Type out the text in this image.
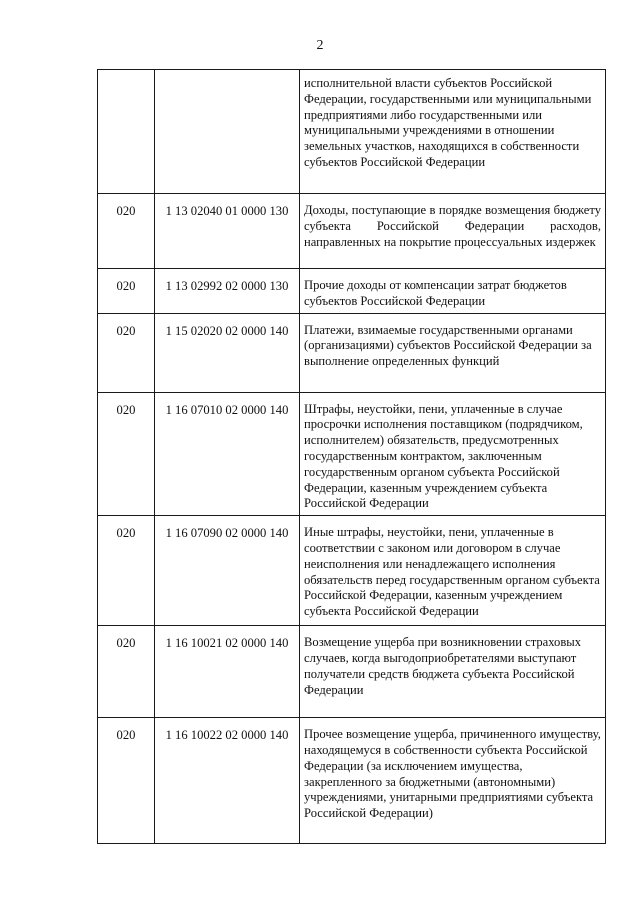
2
		исполнительной власти субъектов Российской Федерации, государственными или муниципальными предприятиями либо государственными или муниципальными учреждениями в отношении земельных участков, находящихся в собственности субъектов Российской Федерации
020	1 13 02040 01 0000 130	Доходы, поступающие в порядке возмещения бюджету субъекта Российской Федерации расходов, направленных на покрытие процессуальных издержек
020	1 13 02992 02 0000 130	Прочие доходы от компенсации затрат бюджетов субъектов Российской Федерации
020	1 15 02020 02 0000 140	Платежи, взимаемые государственными органами (организациями) субъектов Российской Федерации за выполнение определенных функций
020	1 16 07010 02 0000 140	Штрафы, неустойки, пени, уплаченные в случае просрочки исполнения поставщиком (подрядчиком, исполнителем) обязательств, предусмотренных государственным контрактом, заключенным государственным органом субъекта Российской Федерации, казенным учреждением субъекта Российской Федерации
020	1 16 07090 02 0000 140	Иные штрафы, неустойки, пени, уплаченные в соответствии с законом или договором в случае неисполнения или ненадлежащего исполнения обязательств перед государственным органом субъекта Российской Федерации, казенным учреждением субъекта Российской Федерации
020	1 16 10021 02 0000 140	Возмещение ущерба при возникновении страховых случаев, когда выгодоприобретателями выступают получатели средств бюджета субъекта Российской Федерации
020	1 16 10022 02 0000 140	Прочее возмещение ущерба, причиненного имуществу, находящемуся в собственности субъекта Российской Федерации (за исключением имущества, закрепленного за бюджетными (автономными) учреждениями, унитарными предприятиями субъекта Российской Федерации)
